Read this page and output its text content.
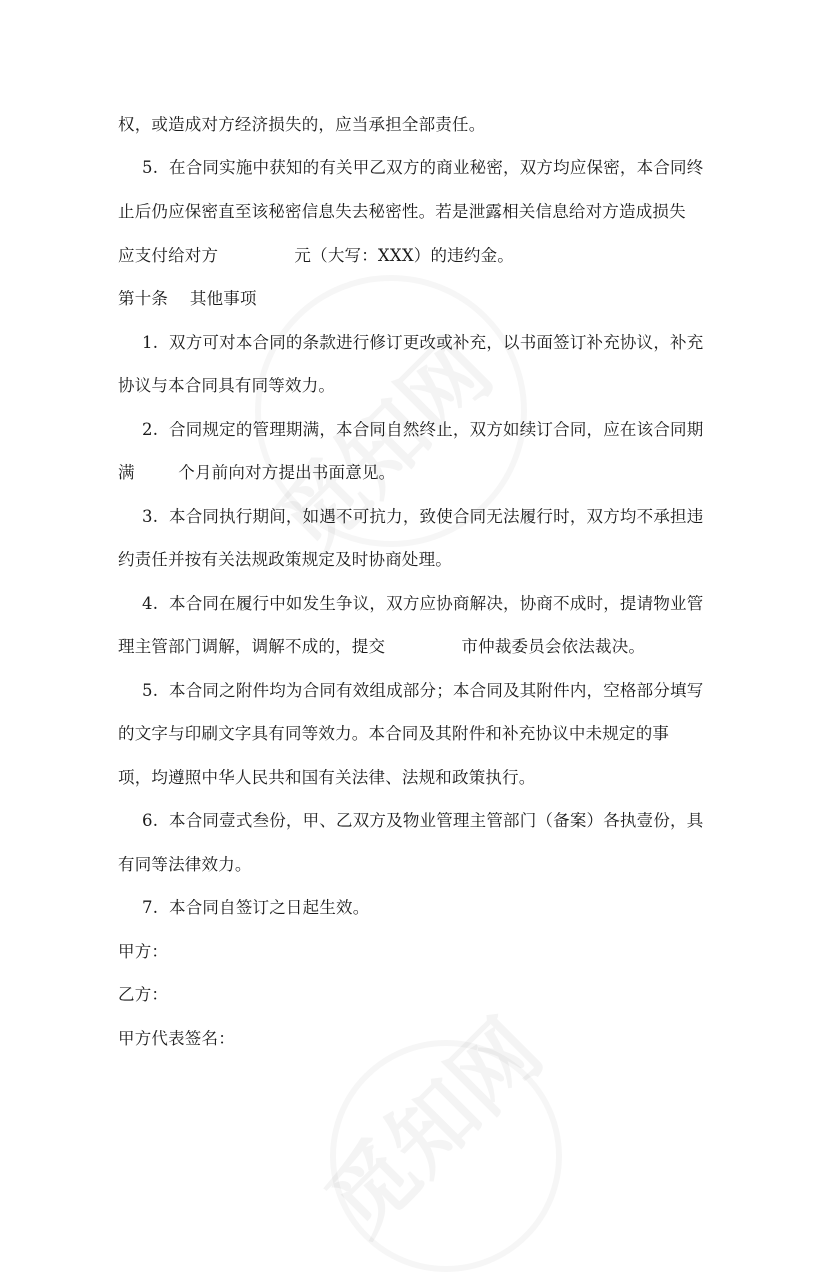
权，或造成对方经济损失的，应当承担全部责任。
5.  在合同实施中获知的有关甲乙双方的商业秘密，双方均应保密，本合同终
止后仍应保密直至该秘密信息失去秘密性。若是泄露相关信息给对方造成损失
应支付给对方              元（大写：XXX）的违约金。
第十条    其他事项
1.  双方可对本合同的条款进行修订更改或补充，以书面签订补充协议，补充
协议与本合同具有同等效力。
2.  合同规定的管理期满，本合同自然终止，双方如续订合同，应在该合同期
满        个月前向对方提出书面意见。
3.  本合同执行期间，如遇不可抗力，致使合同无法履行时，双方均不承担违
约责任并按有关法规政策规定及时协商处理。
4.  本合同在履行中如发生争议，双方应协商解决，协商不成时，提请物业管
理主管部门调解，调解不成的，提交              市仲裁委员会依法裁决。
5.  本合同之附件均为合同有效组成部分；本合同及其附件内，空格部分填写
的文字与印刷文字具有同等效力。本合同及其附件和补充协议中未规定的事
项，均遵照中华人民共和国有关法律、法规和政策执行。
6.  本合同壹式叁份，甲、乙双方及物业管理主管部门（备案）各执壹份，具
有同等法律效力。
7.  本合同自签订之日起生效。
甲方：
乙方：
甲方代表签名：
